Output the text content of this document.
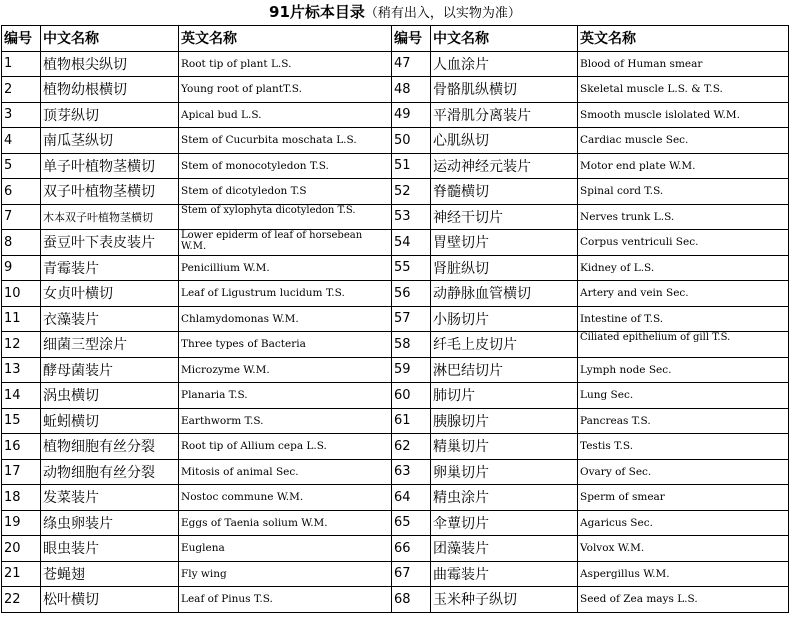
91片标本目录（稍有出入，以实物为准）
编号	中文名称	英文名称	编号	中文名称	英文名称
1	植物根尖纵切	Root tip of plant L.S.	47	人血涂片	Blood of Human smear
2	植物幼根横切	Young root of plantT.S.	48	骨骼肌纵横切	Skeletal muscle L.S. & T.S.
3	顶芽纵切	Apical bud L.S.	49	平滑肌分离装片	Smooth muscle islolated W.M.
4	南瓜茎纵切	Stem of Cucurbita moschata L.S.	50	心肌纵切	Cardiac muscle Sec.
5	单子叶植物茎横切	Stem of monocotyledon T.S.	51	运动神经元装片	Motor end plate W.M.
6	双子叶植物茎横切	Stem of dicotyledon T.S	52	脊髓横切	Spinal cord T.S.
7	木本双子叶植物茎横切	Stem of xylophyta dicotyledon T.S.	53	神经干切片	Nerves trunk L.S.
8	蚕豆叶下表皮装片	Lower epiderm of leaf of horsebean W.M.	54	胃壁切片	Corpus ventriculi Sec.
9	青霉装片	Penicillium W.M.	55	肾脏纵切	Kidney of L.S.
10	女贞叶横切	Leaf of Ligustrum lucidum T.S.	56	动静脉血管横切	Artery and vein Sec.
11	衣藻装片	Chlamydomonas W.M.	57	小肠切片	Intestine of T.S.
12	细菌三型涂片	Three types of Bacteria	58	纤毛上皮切片	Ciliated epithelium of gill T.S.
13	酵母菌装片	Microzyme W.M.	59	淋巴结切片	Lymph node Sec.
14	涡虫横切	Planaria T.S.	60	肺切片	Lung Sec.
15	蚯蚓横切	Earthworm T.S.	61	胰腺切片	Pancreas T.S.
16	植物细胞有丝分裂	Root tip of Allium cepa L.S.	62	精巢切片	Testis T.S.
17	动物细胞有丝分裂	Mitosis of animal Sec.	63	卵巢切片	Ovary of Sec.
18	发菜装片	Nostoc commune W.M.	64	精虫涂片	Sperm of smear
19	绦虫卵装片	Eggs of Taenia solium W.M.	65	伞蕈切片	Agaricus Sec.
20	眼虫装片	Euglena	66	团藻装片	Volvox W.M.
21	苍蝇翅	Fly wing	67	曲霉装片	Aspergillus W.M.
22	松叶横切	Leaf of Pinus T.S.	68	玉米种子纵切	Seed of Zea mays L.S.
